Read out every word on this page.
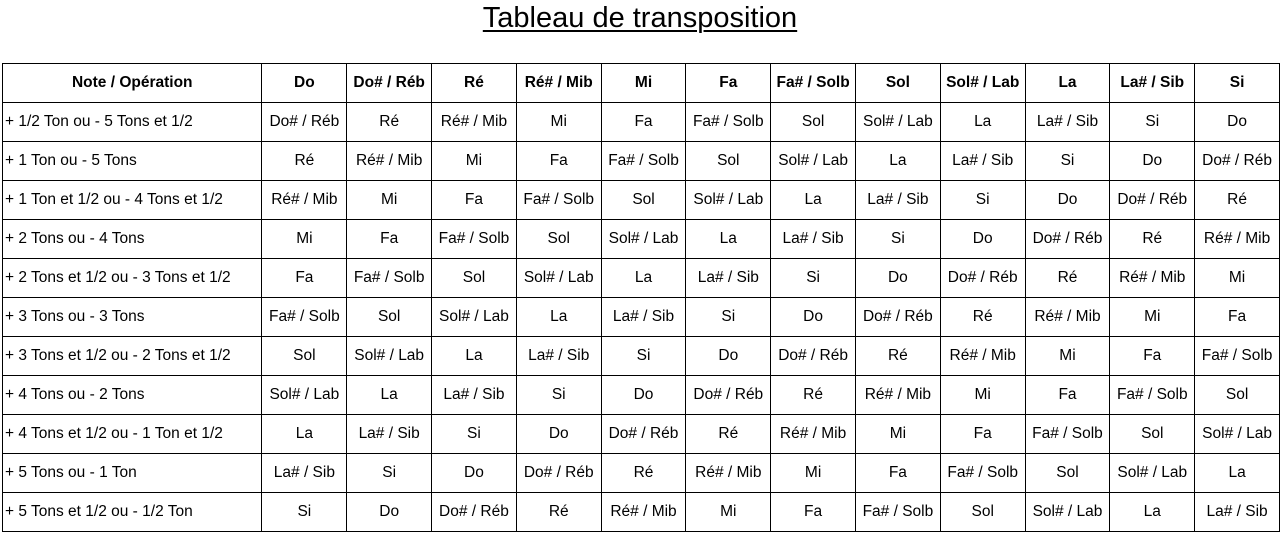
Tableau de transposition
Note / Opération	Do	Do# / Réb	Ré	Ré# / Mib	Mi	Fa	Fa# / Solb	Sol	Sol# / Lab	La	La# / Sib	Si
+ 1/2 Ton ou - 5 Tons et 1/2	Do# / Réb	Ré	Ré# / Mib	Mi	Fa	Fa# / Solb	Sol	Sol# / Lab	La	La# / Sib	Si	Do
+ 1 Ton ou - 5 Tons	Ré	Ré# / Mib	Mi	Fa	Fa# / Solb	Sol	Sol# / Lab	La	La# / Sib	Si	Do	Do# / Réb
+ 1 Ton et 1/2 ou - 4 Tons et 1/2	Ré# / Mib	Mi	Fa	Fa# / Solb	Sol	Sol# / Lab	La	La# / Sib	Si	Do	Do# / Réb	Ré
+ 2 Tons ou - 4 Tons	Mi	Fa	Fa# / Solb	Sol	Sol# / Lab	La	La# / Sib	Si	Do	Do# / Réb	Ré	Ré# / Mib
+ 2 Tons et 1/2 ou - 3 Tons et 1/2	Fa	Fa# / Solb	Sol	Sol# / Lab	La	La# / Sib	Si	Do	Do# / Réb	Ré	Ré# / Mib	Mi
+ 3 Tons ou - 3 Tons	Fa# / Solb	Sol	Sol# / Lab	La	La# / Sib	Si	Do	Do# / Réb	Ré	Ré# / Mib	Mi	Fa
+ 3 Tons et 1/2 ou - 2 Tons et 1/2	Sol	Sol# / Lab	La	La# / Sib	Si	Do	Do# / Réb	Ré	Ré# / Mib	Mi	Fa	Fa# / Solb
+ 4 Tons ou - 2 Tons	Sol# / Lab	La	La# / Sib	Si	Do	Do# / Réb	Ré	Ré# / Mib	Mi	Fa	Fa# / Solb	Sol
+ 4 Tons et 1/2 ou - 1 Ton et 1/2	La	La# / Sib	Si	Do	Do# / Réb	Ré	Ré# / Mib	Mi	Fa	Fa# / Solb	Sol	Sol# / Lab
+ 5 Tons ou - 1 Ton	La# / Sib	Si	Do	Do# / Réb	Ré	Ré# / Mib	Mi	Fa	Fa# / Solb	Sol	Sol# / Lab	La
+ 5 Tons et 1/2 ou - 1/2 Ton	Si	Do	Do# / Réb	Ré	Ré# / Mib	Mi	Fa	Fa# / Solb	Sol	Sol# / Lab	La	La# / Sib
